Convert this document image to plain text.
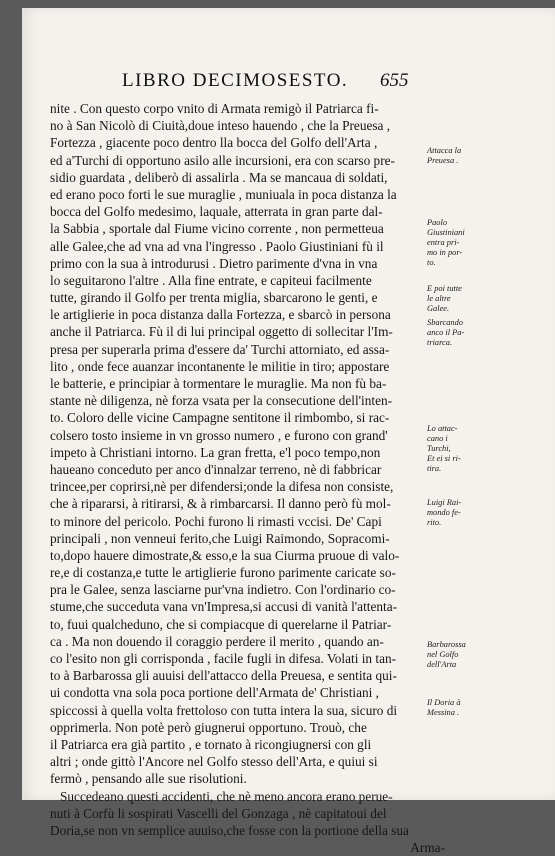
LIBRO DECIMOSESTO. 655
nite . Con questo corpo vnito di Armata remigò il Patriarca fi-
no à San Nicolò di Ciuità,doue inteso hauendo , che la Preuesa ,
Fortezza , giacente poco dentro lla bocca del Golfo dell'Arta ,
ed a'Turchi di opportuno asilo alle incursioni, era con scarso pre-
sidio guardata , deliberò di assalirla . Ma se mancaua di soldati,
ed erano poco forti le sue muraglie , muniuala in poca distanza la
bocca del Golfo medesimo, laquale, atterrata in gran parte dal-
la Sabbia , sportale dal Fiume vicino corrente , non permetteua
alle Galee,che ad vna ad vna l'ingresso . Paolo Giustiniani fù il
primo con la sua à introdurusi . Dietro parimente d'vna in vna
lo seguitarono l'altre . Alla fine entrate, e capiteui facilmente
tutte, girando il Golfo per trenta miglia, sbarcarono le genti, e
le artiglierie in poca distanza dalla Fortezza, e sbarcò in persona
anche il Patriarca. Fù il di lui principal oggetto di sollecitar l'Im-
presa per superarla prima d'essere da' Turchi attorniato, ed assa-
lito , onde fece auanzar incontanente le militie in tiro; appostare
le batterie, e principiar à tormentare le muraglie. Ma non fù ba-
stante nè diligenza, nè forza vsata per la consecutione dell'inten-
to. Coloro delle vicine Campagne sentitone il rimbombo, si rac-
colsero tosto insieme in vn grosso numero , e furono con grand'
impeto à Christiani intorno. La gran fretta, e'l poco tempo,non
haueano conceduto per anco d'innalzar terreno, nè di fabbricar
trincee,per coprirsi,nè per difendersi;onde la difesa non consiste,
che à ripararsi, à ritirarsi, & à rimbarcarsi. Il danno però fù mol-
to minore del pericolo. Pochi furono li rimasti vccisi. De' Capi
principali , non venneui ferito,che Luigi Raimondo, Sopracomi-
to,dopo hauere dimostrate,& esso,e la sua Ciurma pruoue di valo-
re,e di costanza,e tutte le artiglierie furono parimente caricate so-
pra le Galee, senza lasciarne pur'vna indietro. Con l'ordinario co-
stume,che succeduta vana vn'Impresa,si accusi di vanità l'attenta-
to, fuui qualcheduno, che si compiacque di querelarne il Patriar-
ca . Ma non douendo il coraggio perdere il merito , quando an-
co l'esito non gli corrisponda , facile fugli in difesa. Volati in tan-
to à Barbarossa gli auuisi dell'attacco della Preuesa, e sentita qui-
ui condotta vna sola poca portione dell'Armata de' Christiani ,
spiccossi à quella volta frettoloso con tutta intera la sua, sicuro di
opprimerla. Non potè però giugnerui opportuno. Trouò, che
il Patriarca era già partito , e tornato à ricongiugnersi con gli
altri ; onde gittò l'Ancore nel Golfo stesso dell'Arta, e quiui si
fermò , pensando alle sue risolutioni.
Succedeano questi accidenti, che nè meno ancora erano perue-
nuti à Corfù li sospirati Vascelli del Gonzaga , nè capitatoui del
Doria,se non vn semplice auuiso,che fosse con la portione della sua
Arma-
Attacca la
Preuesa .
Paolo
Giustiniani
entra pri-
mo in por-
to.
E poi tutte
le altre
Galee.
Sbarcando
anco il Pa-
triarca.
Lo attac-
cano i
Turchi,
Et ei si ri-
tira.
Luigi Rai-
mondo fe-
rito.
Barbarossa
nel Golfo
dell'Arta
Il Doria à
Messina .
